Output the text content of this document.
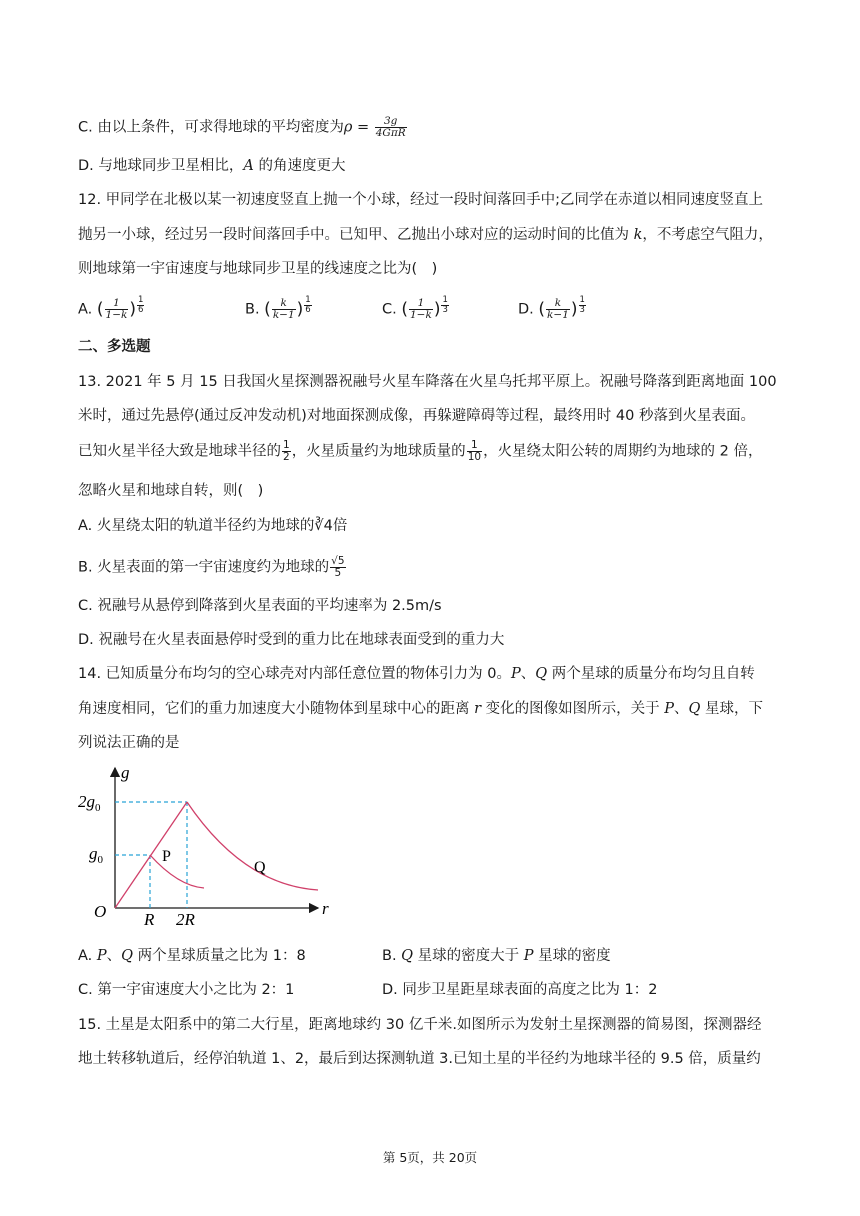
C. 由以上条件，可求得地球的平均密度为$\rho = \frac{3g}{\text{4GπR}}$
D. 与地球同步卫星相比，A 的角速度更大
12. 甲同学在北极以某一初速度竖直上抛一个小球，经过一段时间落回手中;乙同学在赤道以相同速度竖直上
抛另一小球，经过另一段时间落回手中。已知甲、乙抛出小球对应的运动时间的比值为 k，不考虑空气阻力，
则地球第一宇宙速度与地球同步卫星的线速度之比为(　)
A. ( $\frac{1}{1-k}$ ) $\frac{1}{6}$	B. ( $\frac{k}{k-1}$ ) $\frac{1}{6}$	C. ( $\frac{1}{1-k}$ ) $\frac{1}{3}$	D. ( $\frac{k}{k-1}$ ) $\frac{1}{3}$
二、多选题
13. 2021 年 5 月 15 日我国火星探测器祝融号火星车降落在火星乌托邦平原上。祝融号降落到距离地面 100
米时，通过先悬停(通过反冲发动机)对地面探测成像，再躲避障碍等过程，最终用时 40 秒落到火星表面。
已知火星半径大致是地球半径的 $\frac{1}{2}$ ，火星质量约为地球质量的 $\frac{1}{10}$ ，火星绕太阳公转的周期约为地球的 2 倍，
忽略火星和地球自转，则(　)
A. 火星绕太阳的轨道半径约为地球的∛4倍
B. 火星表面的第一宇宙速度约为地球的 $\frac{√5}{5}$
C. 祝融号从悬停到降落到火星表面的平均速率为 2.5m/s
D. 祝融号在火星表面悬停时受到的重力比在地球表面受到的重力大
14. 已知质量分布均匀的空心球壳对内部任意位置的物体引力为 0。P、Q 两个星球的质量分布均匀且自转
角速度相同，它们的重力加速度大小随物体到星球中心的距离 r 变化的图像如图所示，关于 P、Q 星球，下
列说法正确的是
g
r
O
$2g_0$
$g_0$
R 2R
P
Q
A. P、Q 两个星球质量之比为 1：8	B. Q 星球的密度大于 P 星球的密度
C. 第一宇宙速度大小之比为 2：1	D. 同步卫星距星球表面的高度之比为 1：2
15. 土星是太阳系中的第二大行星，距离地球约 30 亿千米.如图所示为发射土星探测器的简易图，探测器经
地土转移轨道后，经停泊轨道 1、2，最后到达探测轨道 3.已知土星的半径约为地球半径的 9.5 倍，质量约
第 5页，共 20页
